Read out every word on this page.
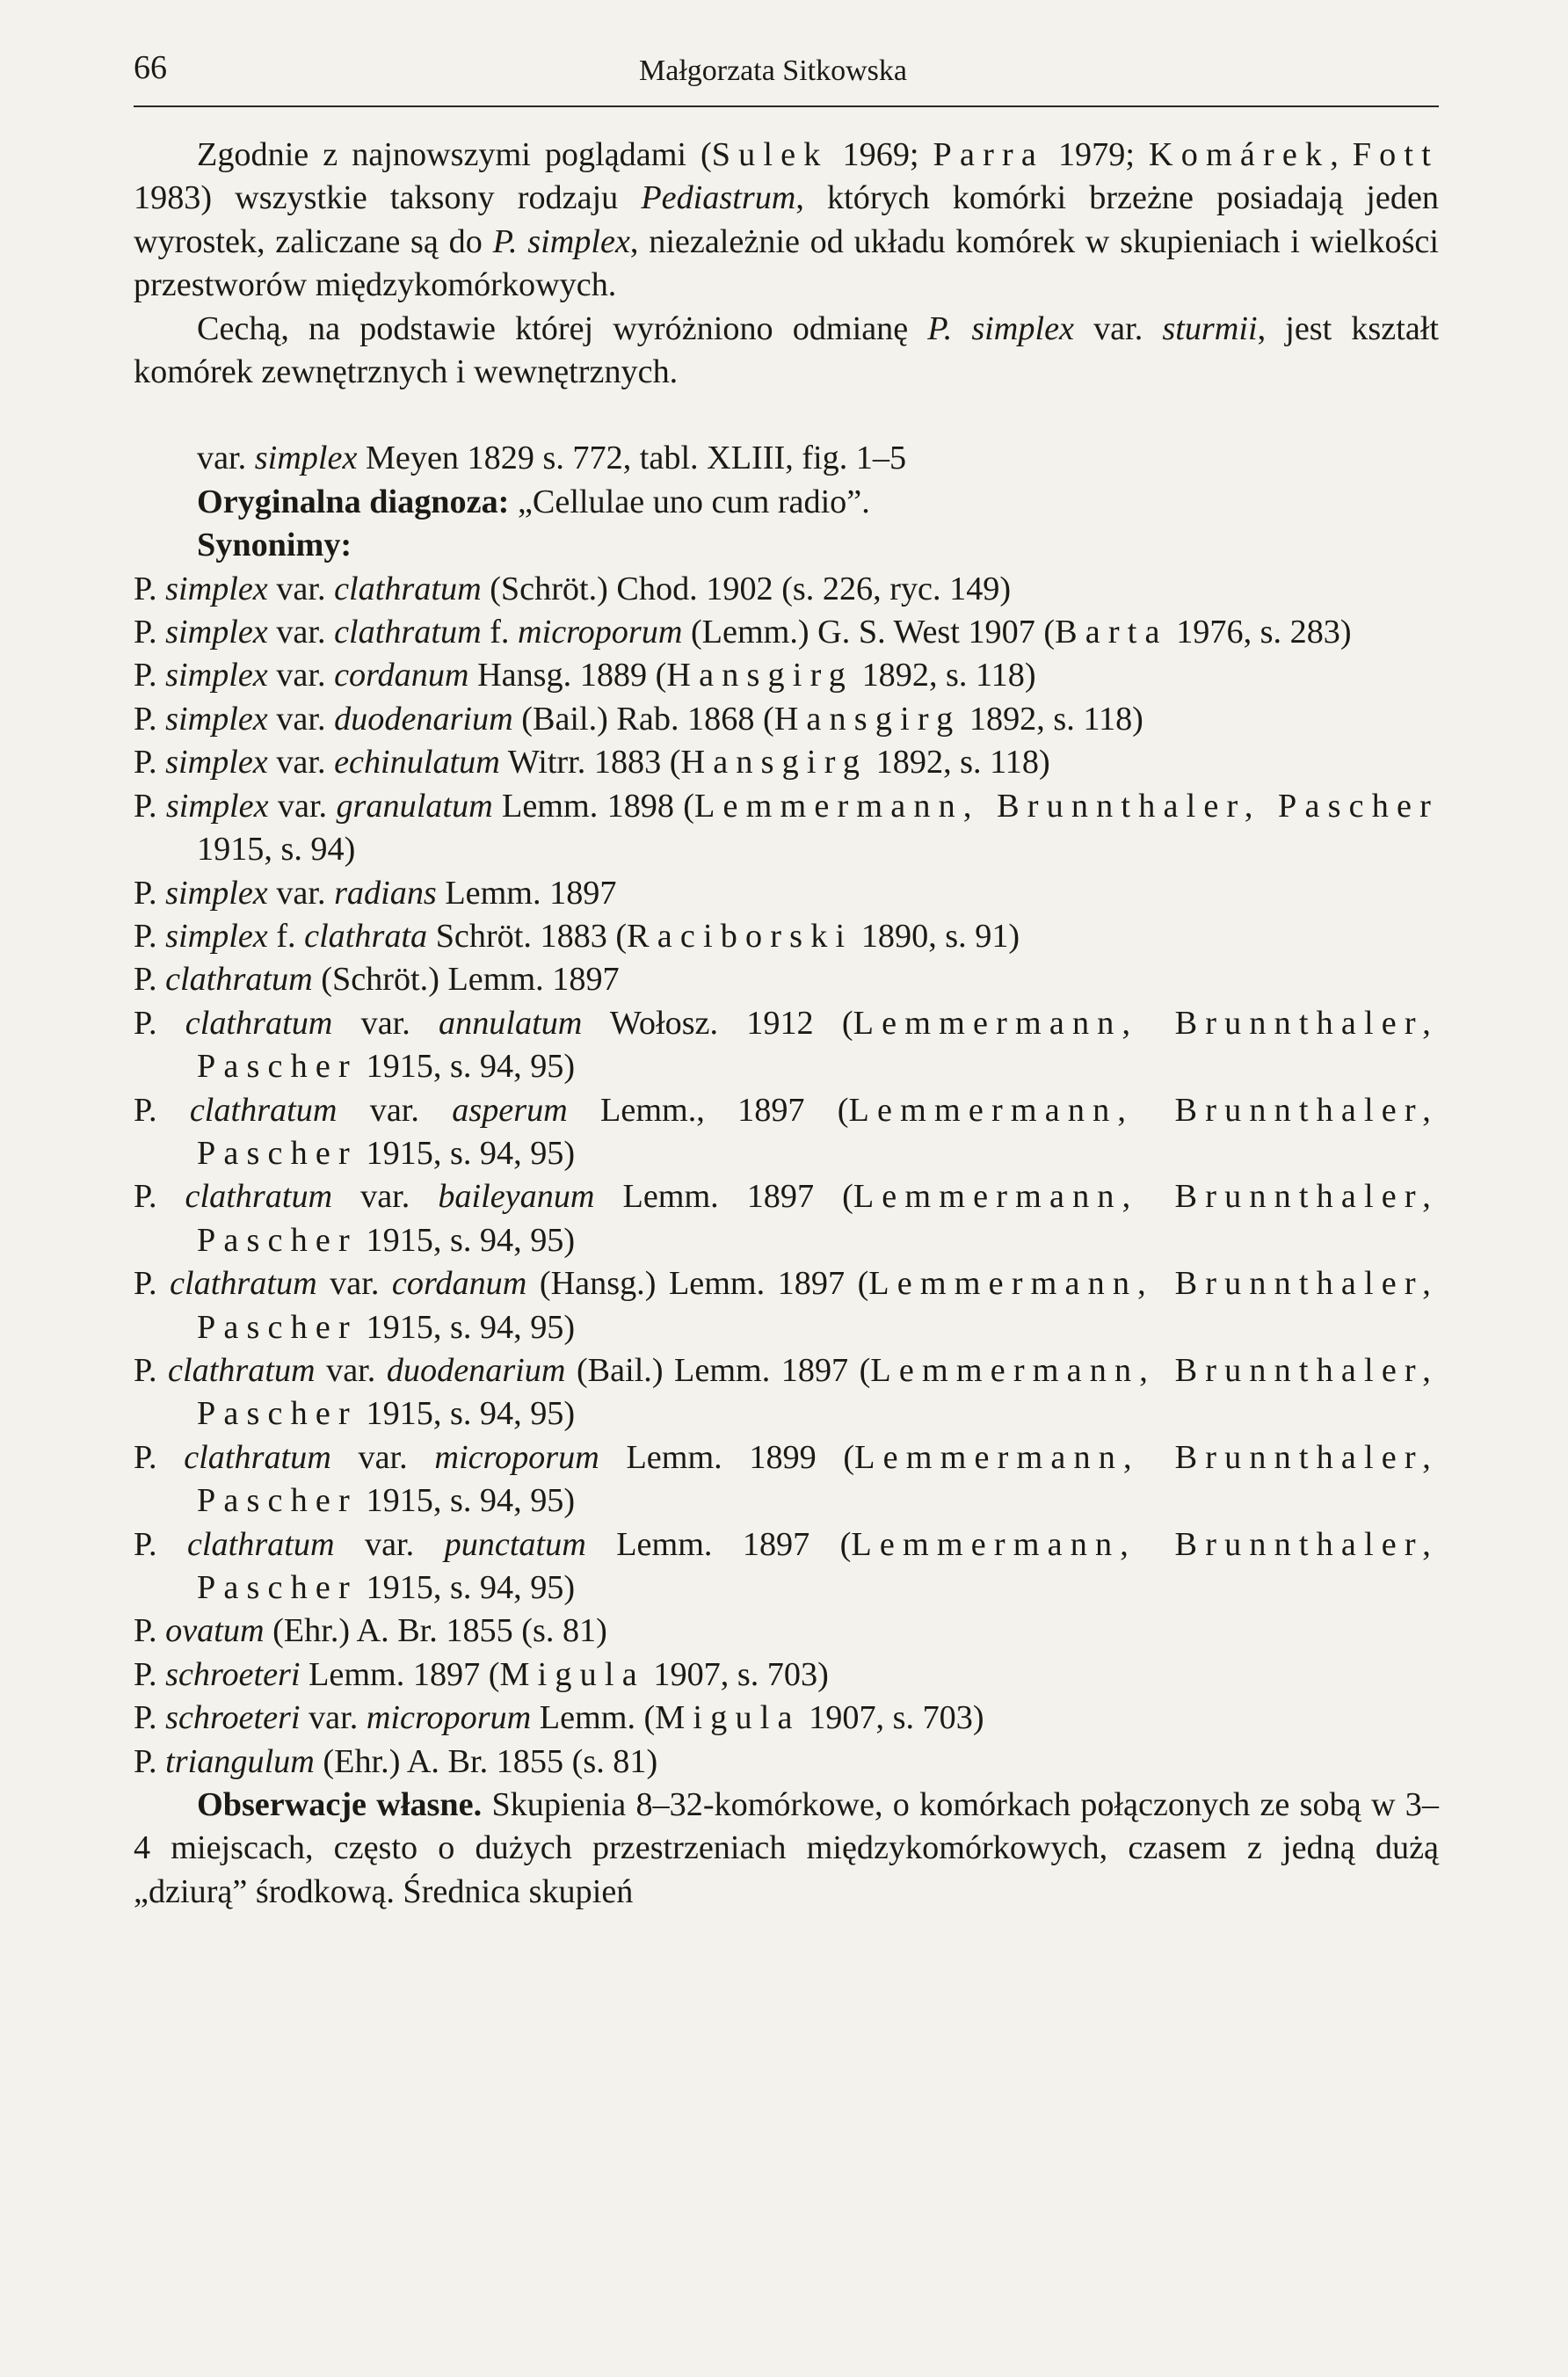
66	Małgorzata Sitkowska

Zgodnie z najnowszymi poglądami (Sulek 1969; Parra 1979; Komárek, Fott 1983) wszystkie taksony rodzaju Pediastrum, których komórki brzeżne posiadają jeden wyrostek, zaliczane są do P. simplex, niezależnie od układu komórek w skupieniach i wielkości przestworów międzykomórkowych.

Cechą, na podstawie której wyróżniono odmianę P. simplex var. sturmii, jest kształt komórek zewnętrznych i wewnętrznych.

var. simplex Meyen 1829 s. 772, tabl. XLIII, fig. 1–5

Oryginalna diagnoza: „Cellulae uno cum radio”.

Synonimy:

P. simplex var. clathratum (Schröt.) Chod. 1902 (s. 226, ryc. 149)

P. simplex var. clathratum f. microporum (Lemm.) G. S. West 1907 (Barta 1976, s. 283)

P. simplex var. cordanum Hansg. 1889 (Hansgirg 1892, s. 118)

P. simplex var. duodenarium (Bail.) Rab. 1868 (Hansgirg 1892, s. 118)

P. simplex var. echinulatum Witrr. 1883 (Hansgirg 1892, s. 118)

P. simplex var. granulatum Lemm. 1898 (Lemmermann, Brunnthaler, Pascher 1915, s. 94)

P. simplex var. radians Lemm. 1897

P. simplex f. clathrata Schröt. 1883 (Raciborski 1890, s. 91)

P. clathratum (Schröt.) Lemm. 1897

P. clathratum var. annulatum Wołosz. 1912 (Lemmermann, Brunnthaler, Pascher 1915, s. 94, 95)

P. clathratum var. asperum Lemm., 1897 (Lemmermann, Brunnthaler, Pascher 1915, s. 94, 95)

P. clathratum var. baileyanum Lemm. 1897 (Lemmermann, Brunnthaler, Pascher 1915, s. 94, 95)

P. clathratum var. cordanum (Hansg.) Lemm. 1897 (Lemmermann, Brunnthaler, Pascher 1915, s. 94, 95)

P. clathratum var. duodenarium (Bail.) Lemm. 1897 (Lemmermann, Brunnthaler, Pascher 1915, s. 94, 95)

P. clathratum var. microporum Lemm. 1899 (Lemmermann, Brunnthaler, Pascher 1915, s. 94, 95)

P. clathratum var. punctatum Lemm. 1897 (Lemmermann, Brunnthaler, Pascher 1915, s. 94, 95)

P. ovatum (Ehr.) A. Br. 1855 (s. 81)

P. schroeteri Lemm. 1897 (Migula 1907, s. 703)

P. schroeteri var. microporum Lemm. (Migula 1907, s. 703)

P. triangulum (Ehr.) A. Br. 1855 (s. 81)

Obserwacje własne. Skupienia 8–32-komórkowe, o komórkach połączonych ze sobą w 3–4 miejscach, często o dużych przestrzeniach międzykomórkowych, czasem z jedną dużą „dziurą” środkową. Średnica skupień
